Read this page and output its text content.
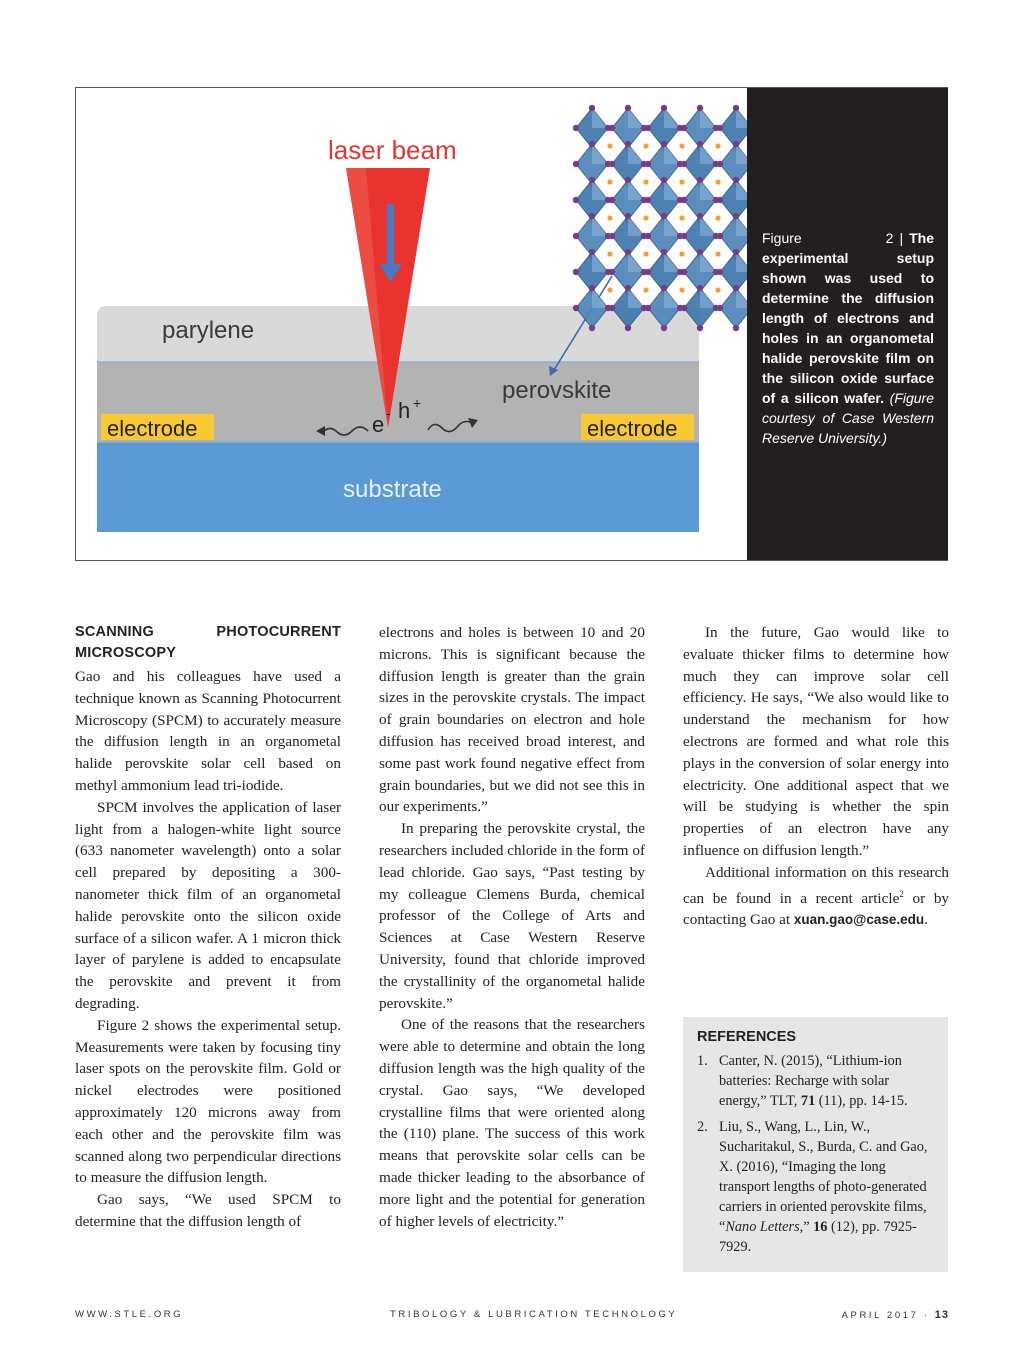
laser beam
parylene
perovskite
electrode	electrode
e - h +
substrate
Figure 2 | The experimental setup shown was used to determine the diffusion length of electrons and holes in an organometal halide perovskite film on the silicon oxide surface of a silicon wafer. (Figure courtesy of Case Western Reserve University.)
SCANNING PHOTOCURRENT MICROSCOPY

Gao and his colleagues have used a technique known as Scanning Photocurrent Microscopy (SPCM) to accurately measure the diffusion length in an organometal halide perovskite solar cell based on methyl ammonium lead tri-iodide.

SPCM involves the application of laser light from a halogen-white light source (633 nanometer wavelength) onto a solar cell prepared by depositing a 300-nanometer thick film of an organometal halide perovskite onto the silicon oxide surface of a silicon wafer. A 1 micron thick layer of parylene is added to encapsulate the perovskite and prevent it from degrading.

Figure 2 shows the experimental setup. Measurements were taken by focusing tiny laser spots on the perovskite film. Gold or nickel electrodes were positioned approximately 120 microns away from each other and the perovskite film was scanned along two perpendicular directions to measure the diffusion length.

Gao says, “We used SPCM to determine that the diffusion length of

electrons and holes is between 10 and 20 microns. This is significant because the diffusion length is greater than the grain sizes in the perovskite crystals. The impact of grain boundaries on electron and hole diffusion has received broad interest, and some past work found negative effect from grain boundaries, but we did not see this in our experiments.”

In preparing the perovskite crystal, the researchers included chloride in the form of lead chloride. Gao says, “Past testing by my colleague Clemens Burda, chemical professor of the College of Arts and Sciences at Case Western Reserve University, found that chloride improved the crystallinity of the organometal halide perovskite.”

One of the reasons that the researchers were able to determine and obtain the long diffusion length was the high quality of the crystal. Gao says, “We developed crystalline films that were oriented along the (110) plane. The success of this work means that perovskite solar cells can be made thicker leading to the absorbance of more light and the potential for generation of higher levels of electricity.”

In the future, Gao would like to evaluate thicker films to determine how much they can improve solar cell efficiency. He says, “We also would like to understand the mechanism for how electrons are formed and what role this plays in the conversion of solar energy into electricity. One additional aspect that we will be studying is whether the spin properties of an electron have any influence on diffusion length.”

Additional information on this research can be found in a recent article$^2$ or by contacting Gao at xuan.gao@case.edu.

REFERENCES
1. Canter, N. (2015), “Lithium-ion batteries: Recharge with solar energy,” TLT, 71 (11), pp. 14-15.
2. Liu, S., Wang, L., Lin, W., Sucharitakul, S., Burda, C. and Gao, X. (2016), “Imaging the long transport lengths of photo-generated carriers in oriented perovskite films, “Nano Letters,” 16 (12), pp. 7925-7929.
WWW.STLE.ORG	TRIBOLOGY & LUBRICATION TECHNOLOGY	APRIL 2017 · 13
